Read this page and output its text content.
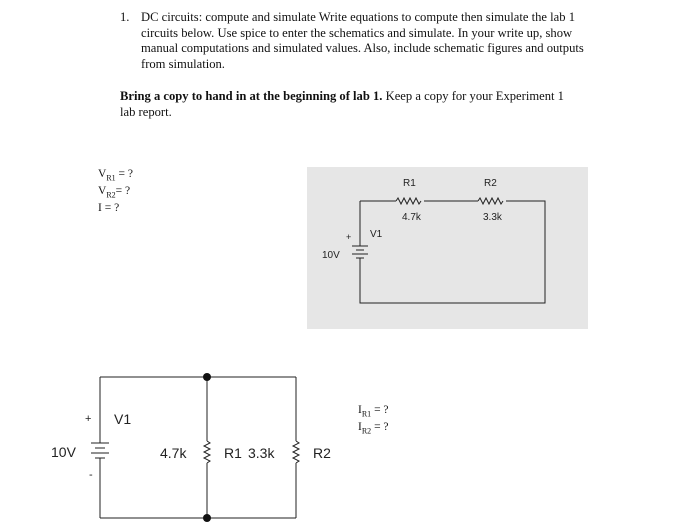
1. DC circuits: compute and simulate Write equations to compute then simulate the lab 1 circuits below. Use spice to enter the schematics and simulate. In your write up, show manual computations and simulated values. Also, include schematic figures and outputs from simulation.
Bring a copy to hand in at the beginning of lab 1. Keep a copy for your Experiment 1 lab report.
$V_{R1}$ = ?
$V_{R2}=$ ?
I = ?
$I_{R1}$ = ?
$I_{R2}$ = ?
R1
4.7k
R2
3.3k
+ V1
10V
+ V1
10V
-
4.7k	R1 3.3k	R2
